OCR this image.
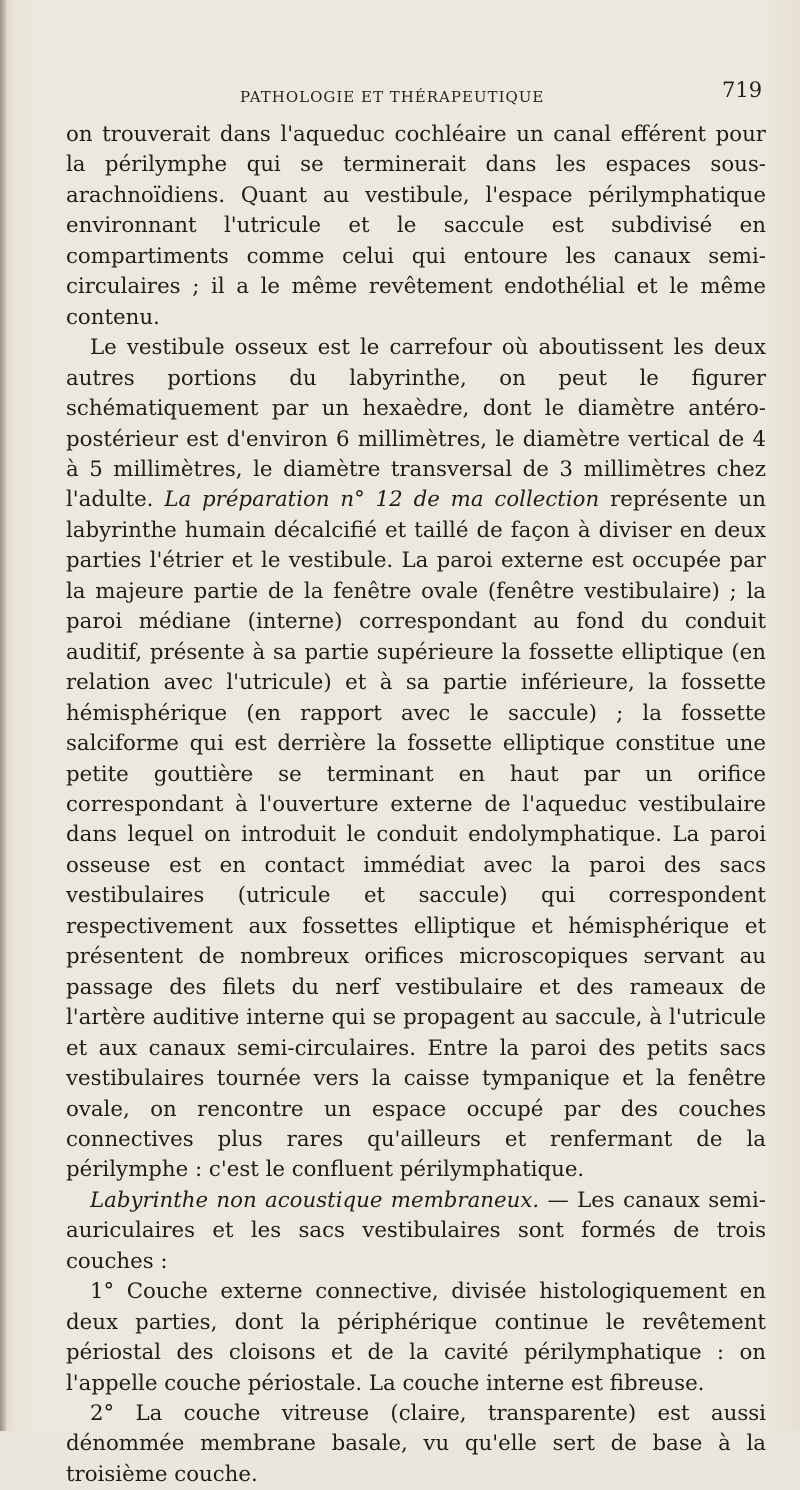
PATHOLOGIE ET THÉRAPEUTIQUE	719

on trouverait dans l'aqueduc cochléaire un canal efférent pour la périlymphe qui se terminerait dans les espaces sous-arachnoïdiens. Quant au vestibule, l'espace périlymphatique environnant l'utricule et le saccule est subdivisé en compartiments comme celui qui entoure les canaux semi-circulaires ; il a le même revêtement endothélial et le même contenu.

Le vestibule osseux est le carrefour où aboutissent les deux autres portions du labyrinthe, on peut le figurer schématiquement par un hexaèdre, dont le diamètre antéro-postérieur est d'environ 6 millimètres, le diamètre vertical de 4 à 5 millimètres, le diamètre transversal de 3 millimètres chez l'adulte. La préparation n° 12 de ma collection représente un labyrinthe humain décalcifié et taillé de façon à diviser en deux parties l'étrier et le vestibule. La paroi externe est occupée par la majeure partie de la fenêtre ovale (fenêtre vestibulaire) ; la paroi médiane (interne) correspondant au fond du conduit auditif, présente à sa partie supérieure la fossette elliptique (en relation avec l'utricule) et à sa partie inférieure, la fossette hémisphérique (en rapport avec le saccule) ; la fossette salciforme qui est derrière la fossette elliptique constitue une petite gouttière se terminant en haut par un orifice correspondant à l'ouverture externe de l'aqueduc vestibulaire dans lequel on introduit le conduit endolymphatique. La paroi osseuse est en contact immédiat avec la paroi des sacs vestibulaires (utricule et saccule) qui correspondent respectivement aux fossettes elliptique et hémisphérique et présentent de nombreux orifices microscopiques servant au passage des filets du nerf vestibulaire et des rameaux de l'artère auditive interne qui se propagent au saccule, à l'utricule et aux canaux semi-circulaires. Entre la paroi des petits sacs vestibulaires tournée vers la caisse tympanique et la fenêtre ovale, on rencontre un espace occupé par des couches connectives plus rares qu'ailleurs et renfermant de la périlymphe : c'est le confluent périlymphatique.

Labyrinthe non acoustique membraneux. — Les canaux semi-auriculaires et les sacs vestibulaires sont formés de trois couches :

1° Couche externe connective, divisée histologiquement en deux parties, dont la périphérique continue le revêtement périostal des cloisons et de la cavité périlymphatique : on l'appelle couche périostale. La couche interne est fibreuse.

2° La couche vitreuse (claire, transparente) est aussi dénommée membrane basale, vu qu'elle sert de base à la troisième couche.
